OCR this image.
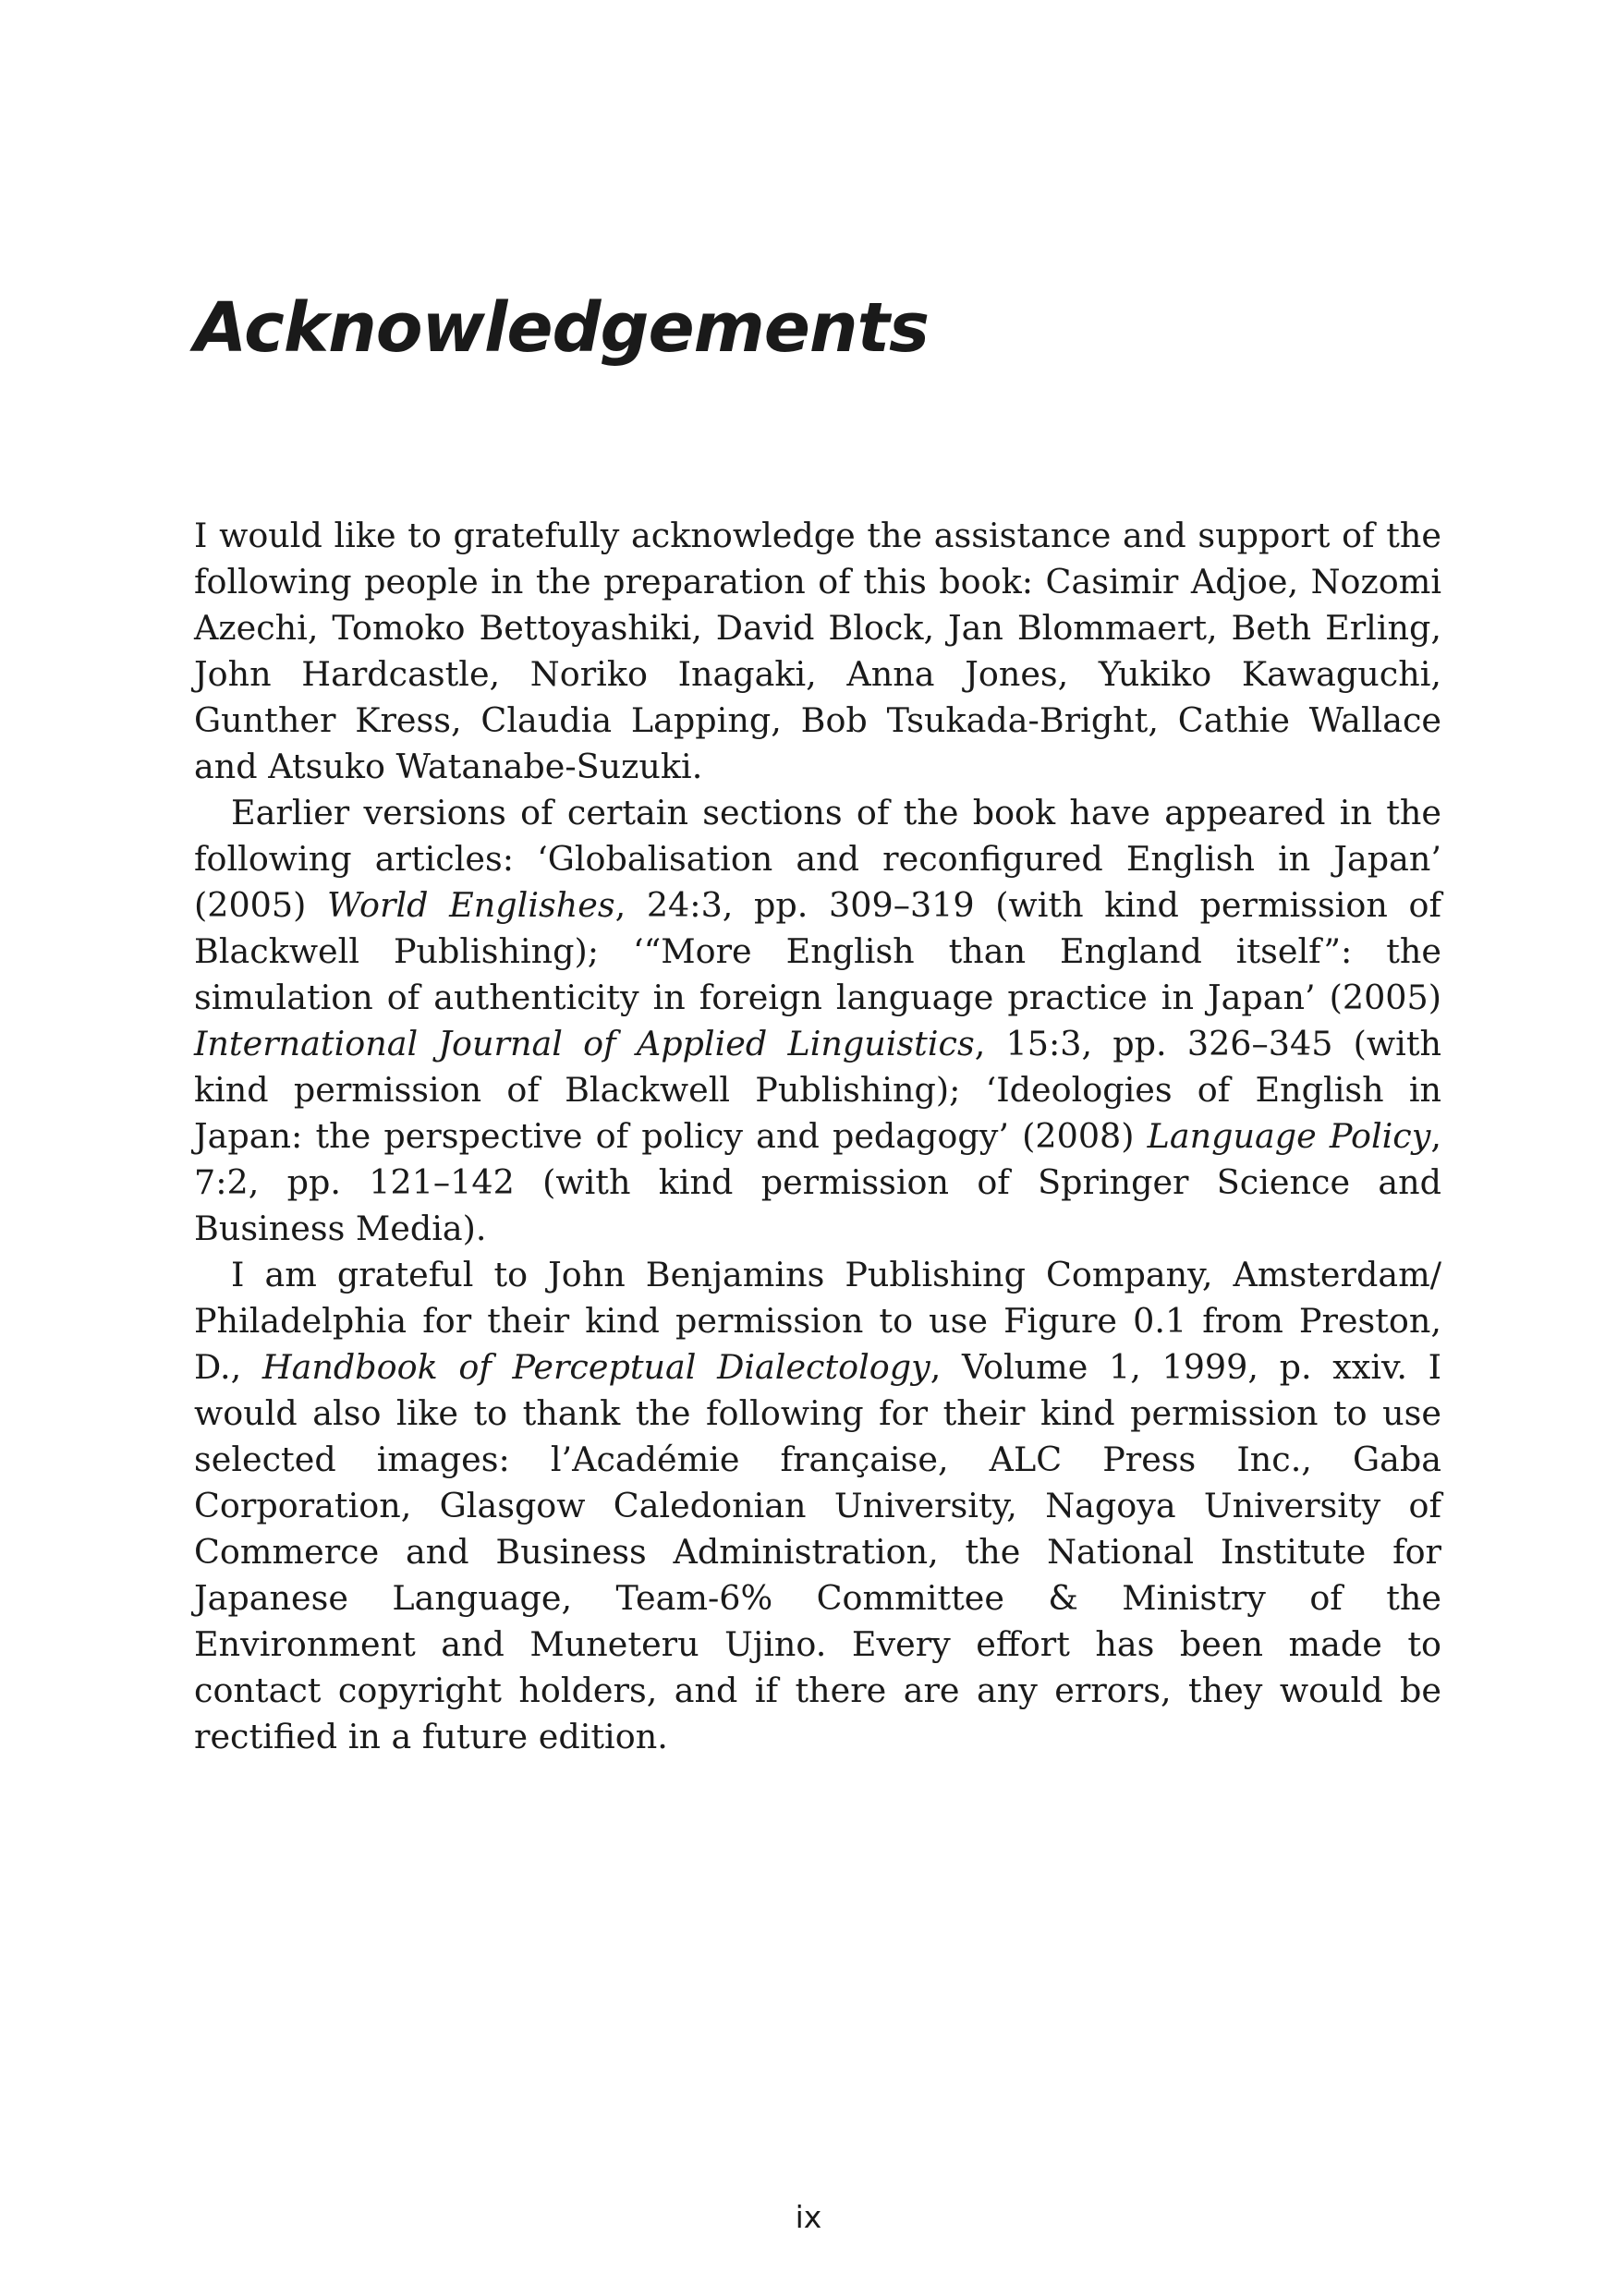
Acknowledgements

I would like to gratefully acknowledge the assistance and support of the following people in the preparation of this book: Casimir Adjoe, Nozomi Azechi, Tomoko Bettoyashiki, David Block, Jan Blommaert, Beth Erling, John Hardcastle, Noriko Inagaki, Anna Jones, Yukiko Kawaguchi, Gunther Kress, Claudia Lapping, Bob Tsukada-Bright, Cathie Wallace and Atsuko Watanabe-Suzuki.

Earlier versions of certain sections of the book have appeared in the following articles: ‘Globalisation and reconfigured English in Japan’ (2005) World Englishes, 24:3, pp. 309–319 (with kind permission of Blackwell Publishing); ‘“More English than England itself”: the simulation of authenticity in foreign language practice in Japan’ (2005) International Journal of Applied Linguistics, 15:3, pp. 326–345 (with kind permission of Blackwell Publishing); ‘Ideologies of English in Japan: the perspective of policy and pedagogy’ (2008) Language Policy, 7:2, pp. 121–142 (with kind permission of Springer Science and Business Media).

I am grateful to John Benjamins Publishing Company, Amsterdam/ Philadelphia for their kind permission to use Figure 0.1 from Preston, D., Handbook of Perceptual Dialectology, Volume 1, 1999, p. xxiv. I would also like to thank the following for their kind permission to use selected images: l’Académie française, ALC Press Inc., Gaba Corporation, Glasgow Caledonian University, Nagoya University of Commerce and Business Administration, the National Institute for Japanese Language, Team-6% Committee & Ministry of the Environment and Muneteru Ujino. Every effort has been made to contact copyright holders, and if there are any errors, they would be rectified in a future edition.

ix
